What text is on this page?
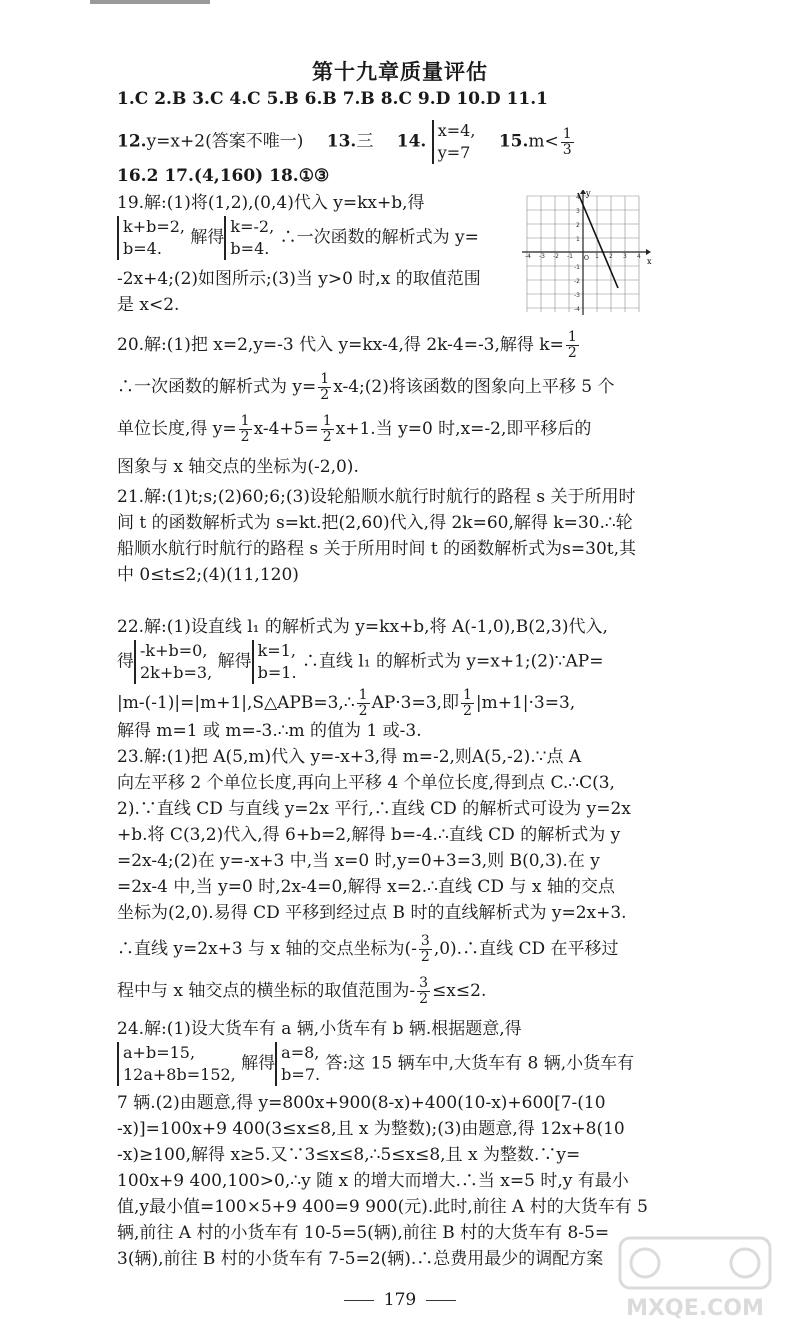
第十九章质量评估
1.C 2.B 3.C 4.C 5.B 6.B 7.B 8.C 9.D 10.D 11.1
12.y=x+2(答案不唯一) 13.三 14.
x=4,
y=7
$15.m< \frac{1}{3}$
16.2 17.(4,160) 18.①③
19.解:(1)将(1,2),(0,4)代入 y=kx+b,得
k+b=2,
b=4.
解得
k=-2,
b=4.
∴一次函数的解析式为 y=
-2x+4;(2)如图所示;(3)当 y>0 时,x 的取值范围
是 x<2.
x
y
O
-4 -3 -2 -1	1 2 3 4
4
3
2
1
-1
-2
-3
-4
20.解:(1)把 x=2,y=-3 代入 y=kx-4,得 2k-4=-3,解得 $k= \frac{1}{2}$
∴一次函数的解析式为 $y= \frac{1}{2}$ x-4;(2)将该函数的图象向上平移 5 个
单位长度,得 $y= \frac{1}{2} x-4+5= \frac{1}{2} x+1$.当 y=0 时,x=-2,即平移后的
图象与 x 轴交点的坐标为(-2,0).
21.解:(1)t;s;(2)60;6;(3)设轮船顺水航行时航行的路程 s 关于所用时
间 t 的函数解析式为 s=kt.把(2,60)代入,得 2k=60,解得 k=30.∴轮
船顺水航行时航行的路程 s 关于所用时间 t 的函数解析式为s=30t,其
中 0≤t≤2;(4)(11,120)
22.解:(1)设直线 l₁ 的解析式为 y=kx+b,将 A(-1,0),B(2,3)代入,
得
-k+b=0,
2k+b=3,
解得
k=1,
b=1.
∴直线 l₁ 的解析式为 y=x+1;(2)∵AP=
|m-(-1)|=|m+1|,S△APB=3,∴ $\frac{1}{2} AP\cdot 3=3$,即 $\frac{1}{2} |m+1|\cdot 3=3$,
解得 m=1 或 m=-3.∴m 的值为 1 或-3.
23.解:(1)把 A(5,m)代入 y=-x+3,得 m=-2,则A(5,-2).∵点 A
向左平移 2 个单位长度,再向上平移 4 个单位长度,得到点 C.∴C(3,
2).∵直线 CD 与直线 y=2x 平行,∴直线 CD 的解析式可设为 y=2x
+b.将 C(3,2)代入,得 6+b=2,解得 b=-4.∴直线 CD 的解析式为 y
=2x-4;(2)在 y=-x+3 中,当 x=0 时,y=0+3=3,则 B(0,3).在 y
=2x-4 中,当 y=0 时,2x-4=0,解得 x=2.∴直线 CD 与 x 轴的交点
坐标为(2,0).易得 CD 平移到经过点 B 时的直线解析式为 y=2x+3.
∴直线 y=2x+3 与 x 轴的交点坐标为(- $\frac{3}{2}$ ,0).∴直线 CD 在平移过
程中与 x 轴交点的横坐标的取值范围为- $\frac{3}{2} \le x\le 2$.
24.解:(1)设大货车有 a 辆,小货车有 b 辆.根据题意,得
a+b=15,
12a+8b=152,
解得
a=8,
b=7.
答:这 15 辆车中,大货车有 8 辆,小货车有
7 辆.(2)由题意,得 y=800x+900(8-x)+400(10-x)+600[7-(10
-x)]=100x+9 400(3≤x≤8,且 x 为整数);(3)由题意,得 12x+8(10
-x)≥100,解得 x≥5.又∵3≤x≤8,∴5≤x≤8,且 x 为整数.∵y=
100x+9 400,100>0,∴y 随 x 的增大而增大.∴当 x=5 时,y 有最小
值,y最小值=100×5+9 400=9 900(元).此时,前往 A 村的大货车有 5
辆,前往 A 村的小货车有 10-5=5(辆),前往 B 村的大货车有 8-5=
3(辆),前往 B 村的小货车有 7-5=2(辆).∴总费用最少的调配方案
179	MXQE.COM
